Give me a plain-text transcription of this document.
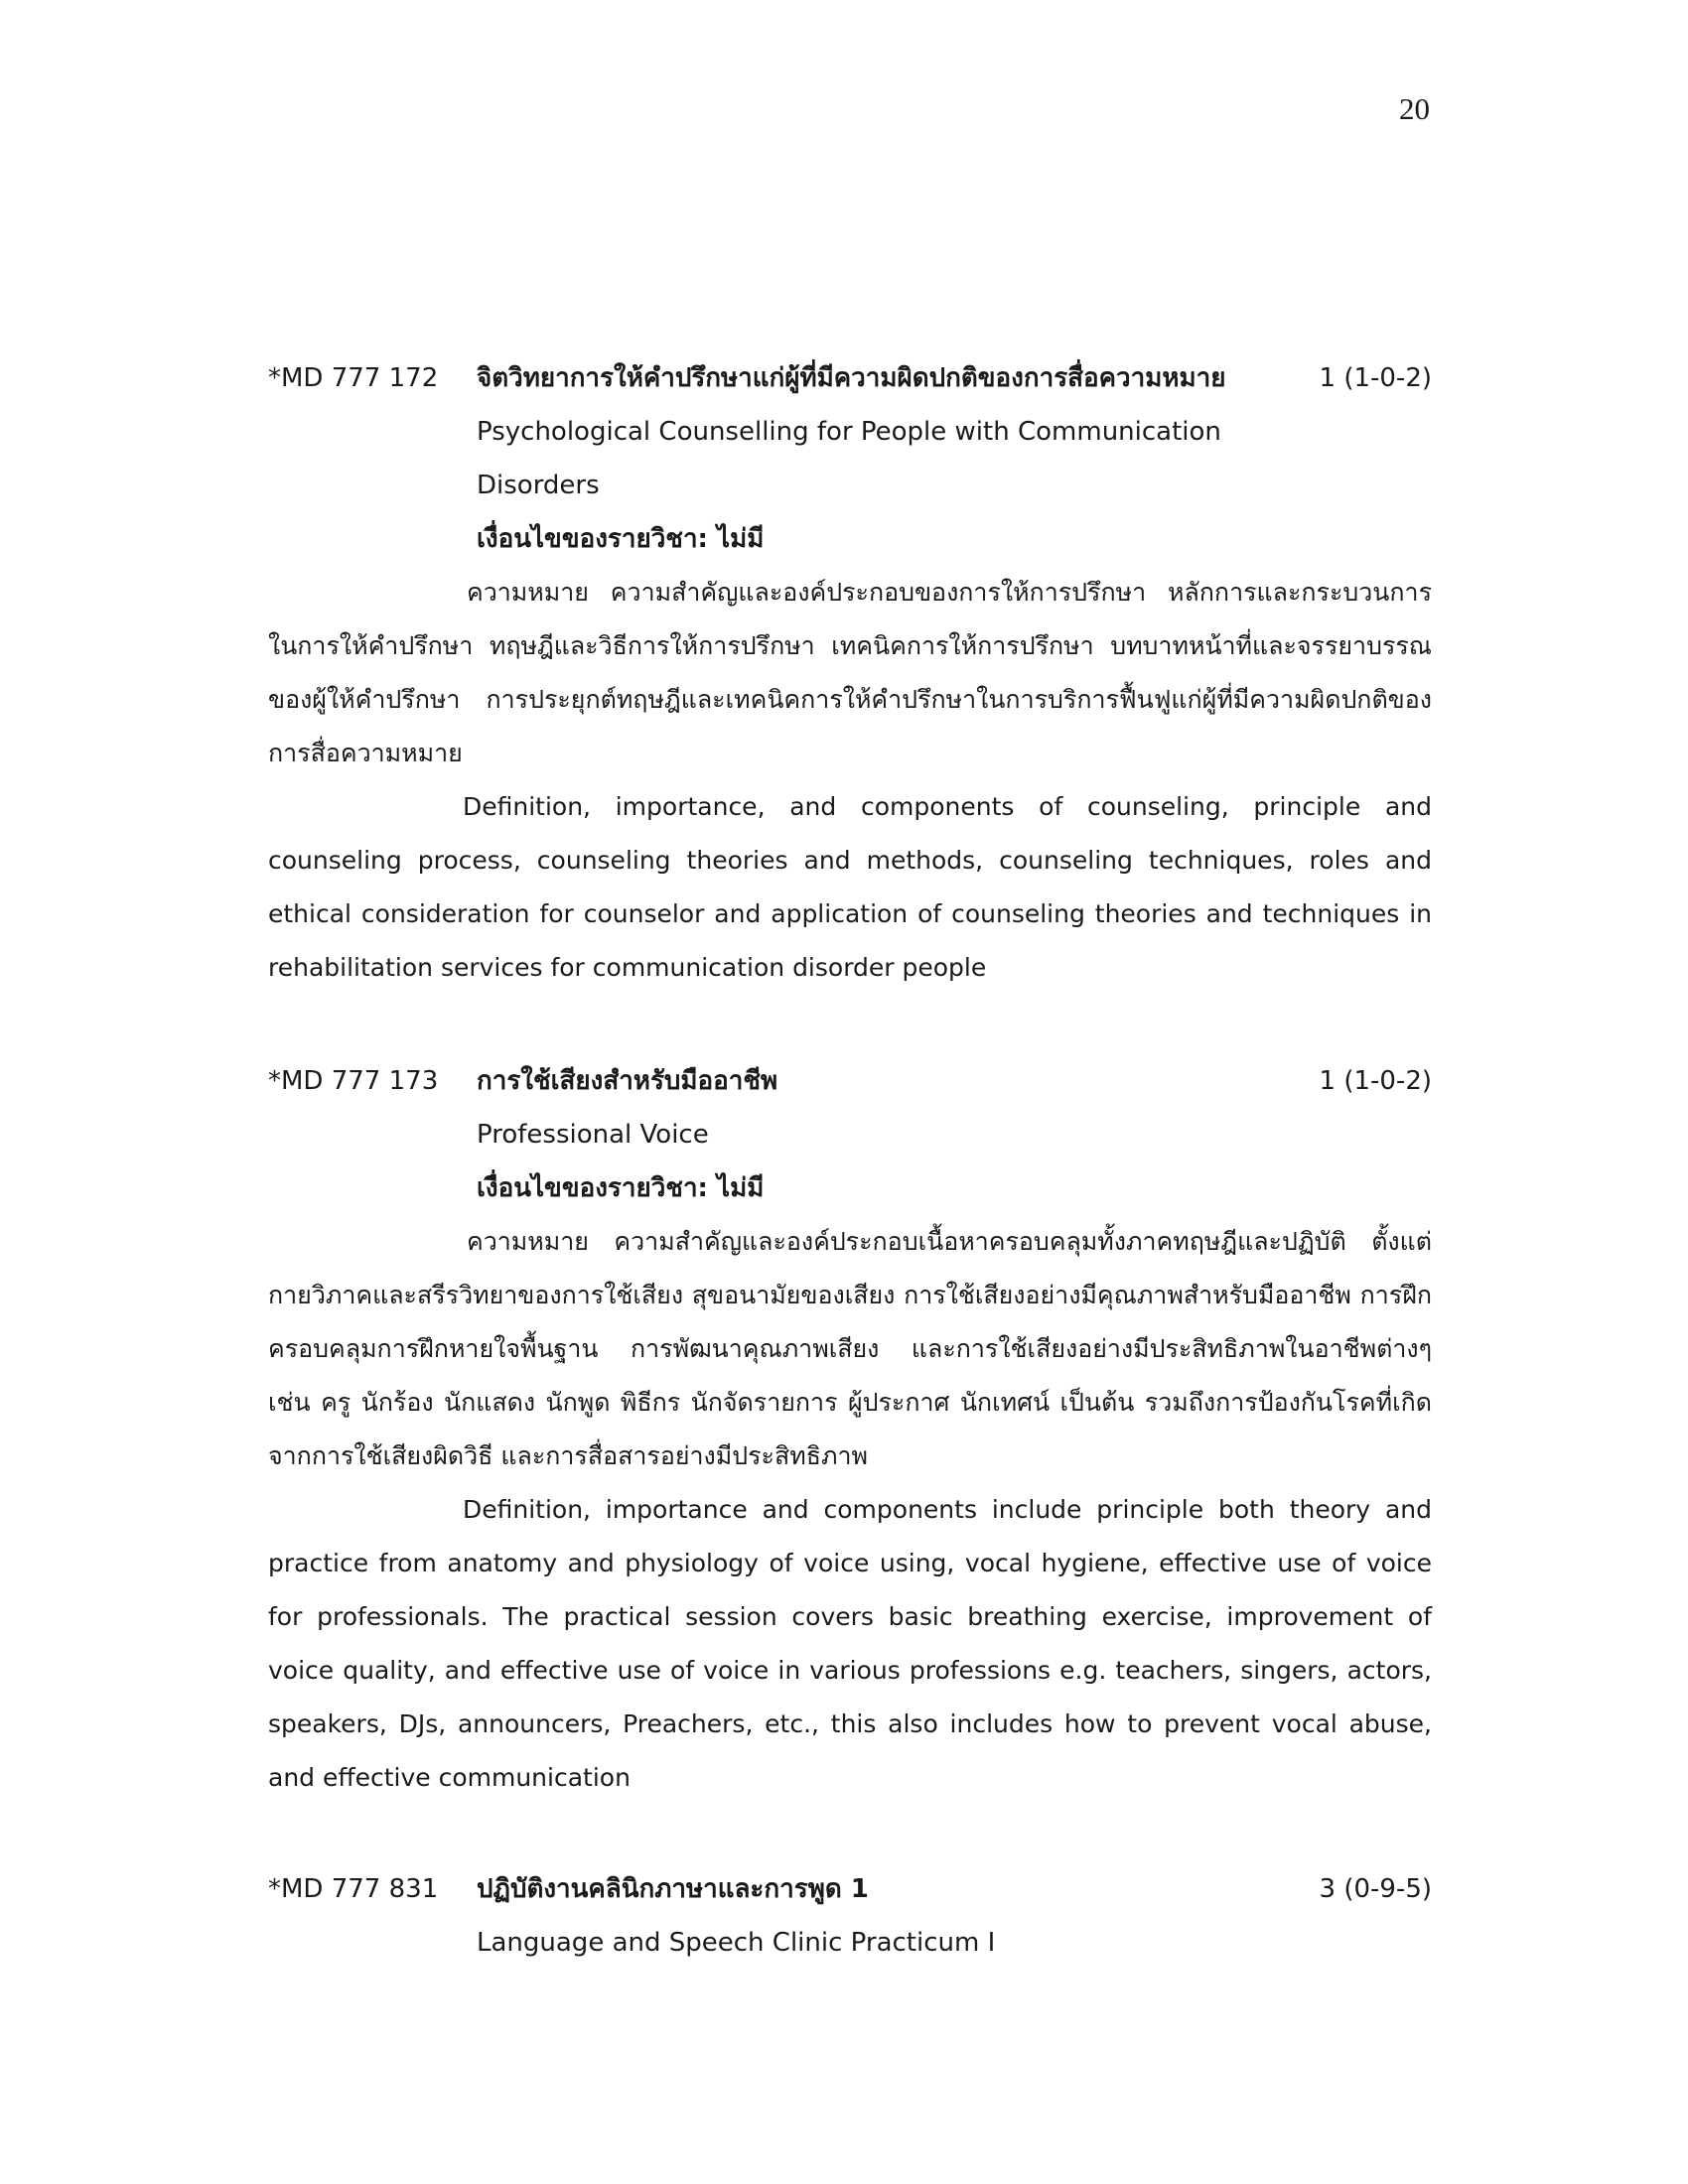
20
*MD 777 172 จิตวิทยาการให้คำปรึกษาแก่ผู้ที่มีความผิดปกติของการสื่อความหมาย	1 (1-0-2)
Psychological Counselling for People with Communication Disorders
เงื่อนไขของรายวิชา: ไม่มี
ความหมาย ความสำคัญและองค์ประกอบของการให้การปรึกษา หลักการและกระบวนการในการให้คำปรึกษา ทฤษฎีและวิธีการให้การปรึกษา เทคนิคการให้การปรึกษา บทบาทหน้าที่และจรรยาบรรณของผู้ให้คำปรึกษา การประยุกต์ทฤษฎีและเทคนิคการให้คำปรึกษาในการบริการฟื้นฟูแก่ผู้ที่มีความผิดปกติของการสื่อความหมาย
Definition, importance, and components of counseling, principle and counseling process, counseling theories and methods, counseling techniques, roles and ethical consideration for counselor and application of counseling theories and techniques in rehabilitation services for communication disorder people
*MD 777 173 การใช้เสียงสำหรับมืออาชีพ	1 (1-0-2)
Professional Voice
เงื่อนไขของรายวิชา: ไม่มี
ความหมาย ความสำคัญและองค์ประกอบเนื้อหาครอบคลุมทั้งภาคทฤษฎีและปฏิบัติ ตั้งแต่กายวิภาคและสรีรวิทยาของการใช้เสียง สุขอนามัยของเสียง การใช้เสียงอย่างมีคุณภาพสำหรับมืออาชีพ การฝึกครอบคลุมการฝึกหายใจพื้นฐาน การพัฒนาคุณภาพเสียง และการใช้เสียงอย่างมีประสิทธิภาพในอาชีพต่างๆ เช่น ครู นักร้อง นักแสดง นักพูด พิธีกร นักจัดรายการ ผู้ประกาศ นักเทศน์ เป็นต้น รวมถึงการป้องกันโรคที่เกิดจากการใช้เสียงผิดวิธี และการสื่อสารอย่างมีประสิทธิภาพ
Definition, importance and components include principle both theory and practice from anatomy and physiology of voice using, vocal hygiene, effective use of voice for professionals. The practical session covers basic breathing exercise, improvement of voice quality, and effective use of voice in various professions e.g. teachers, singers, actors, speakers, DJs, announcers, Preachers, etc., this also includes how to prevent vocal abuse, and effective communication
*MD 777 831 ปฏิบัติงานคลินิกภาษาและการพูด 1	3 (0-9-5)
Language and Speech Clinic Practicum I
